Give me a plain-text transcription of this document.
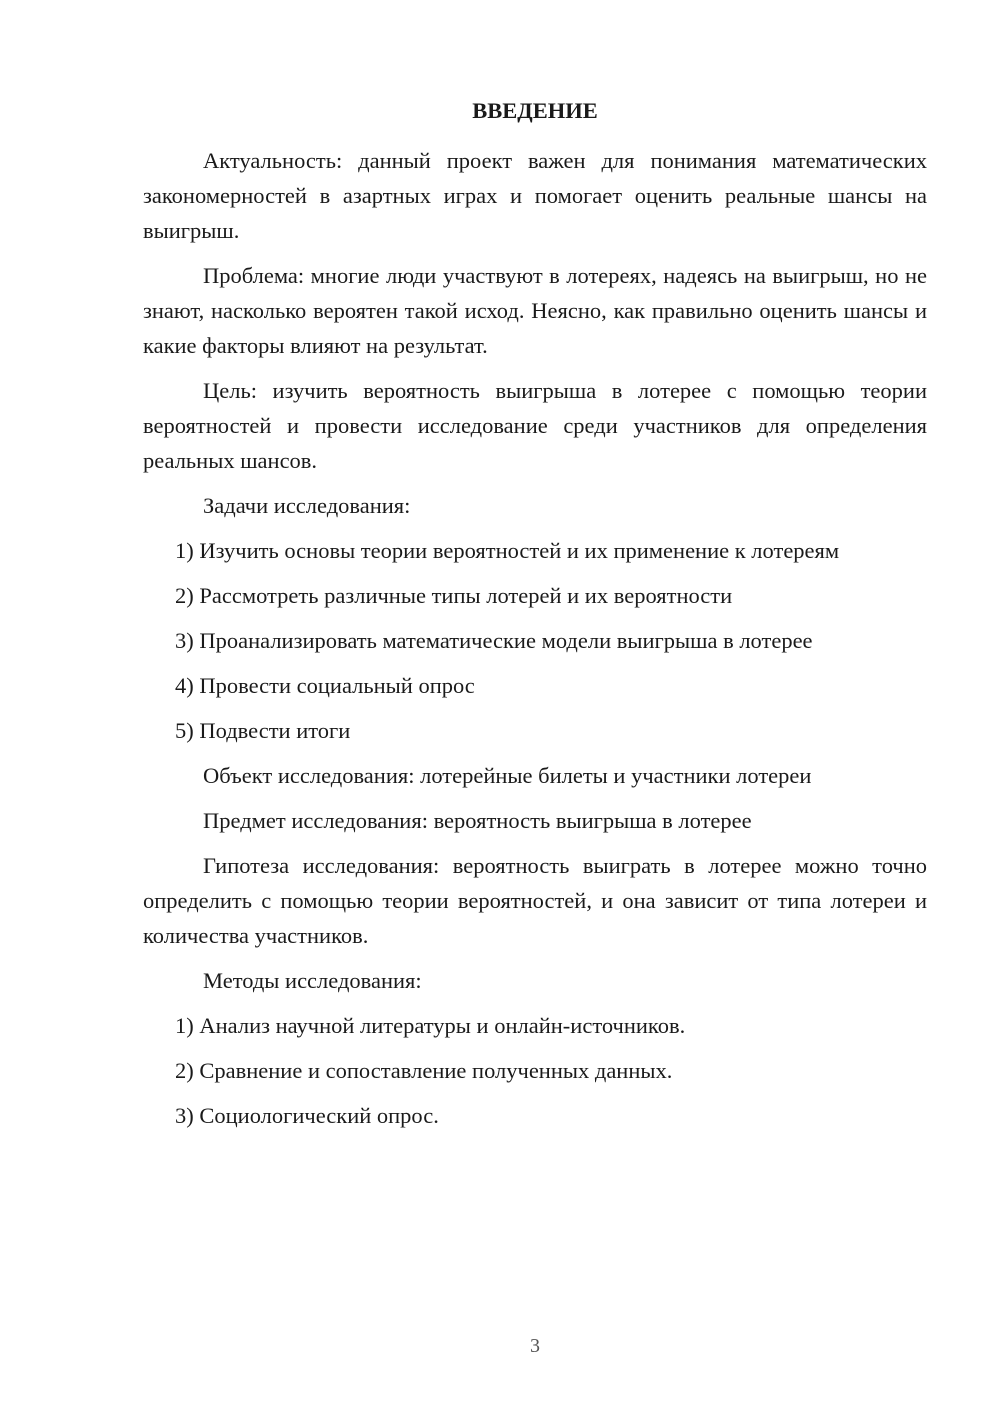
ВВЕДЕНИЕ

Актуальность: данный проект важен для понимания математических закономерностей в азартных играх и помогает оценить реальные шансы на выигрыш.

Проблема: многие люди участвуют в лотереях, надеясь на выигрыш, но не знают, насколько вероятен такой исход. Неясно, как правильно оценить шансы и какие факторы влияют на результат.

Цель: изучить вероятность выигрыша в лотерее с помощью теории вероятностей и провести исследование среди участников для определения реальных шансов.

Задачи исследования:

1) Изучить основы теории вероятностей и их применение к лотереям
2) Рассмотреть различные типы лотерей и их вероятности
3) Проанализировать математические модели выигрыша в лотерее
4) Провести социальный опрос
5) Подвести итоги

Объект исследования: лотерейные билеты и участники лотереи

Предмет исследования: вероятность выигрыша в лотерее

Гипотеза исследования: вероятность выиграть в лотерее можно точно определить с помощью теории вероятностей, и она зависит от типа лотереи и количества участников.

Методы исследования:

1) Анализ научной литературы и онлайн-источников.
2) Сравнение и сопоставление полученных данных.
3) Социологический опрос.
3
